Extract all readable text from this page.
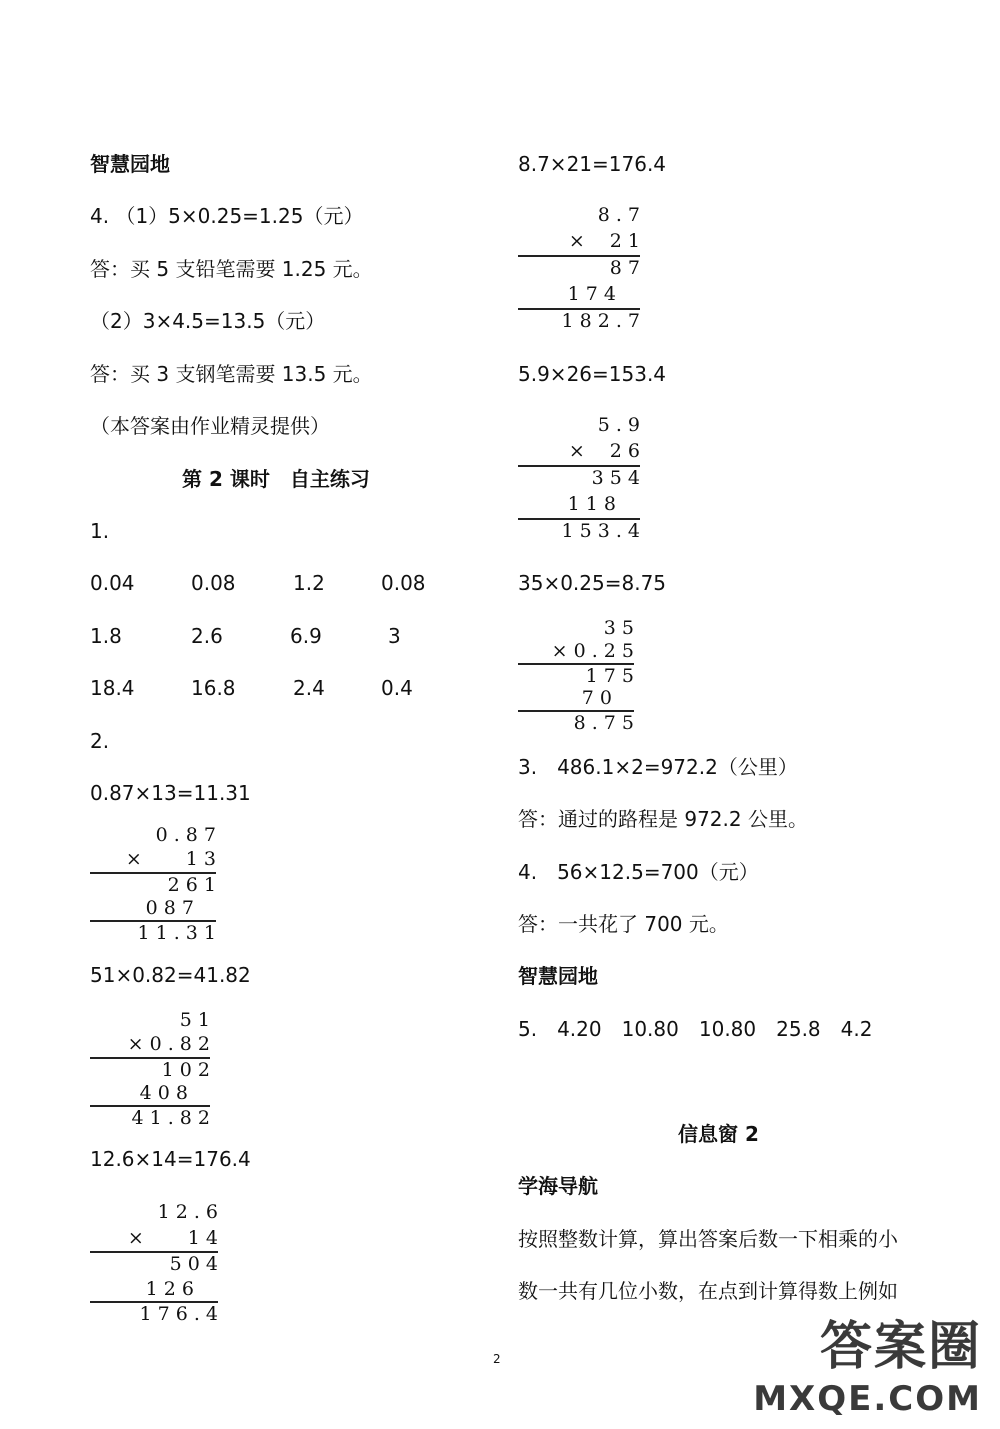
智慧园地
4. （1）5×0.25=1.25（元）
答：买 5 支铅笔需要 1.25 元。
（2）3×4.5=13.5（元）
答：买 3 支钢笔需要 13.5 元。
（本答案由作业精灵提供）
第 2 课时　自主练习
1.
0.04	0.08	1.2	0.08
1.8	2.6	6.9	3
18.4	16.8	2.4	0.4
2.
0.87×13=11.31
0 . 8 7
× 　　1 3
2 6 1
0 8 7
1 1 . 3 1
51×0.82=41.82
5 1
× 0 . 8 2
1 0 2
4 0 8
4 1 . 8 2
12.6×14=176.4
1 2 . 6
× 　　1 4
5 0 4
1 2 6
1 7 6 . 4
8.7×21=176.4
8 . 7
× 　2 1
8 7
1 7 4
1 8 2 . 7
5.9×26=153.4
5 . 9
× 　2 6
3 5 4
1 1 8
1 5 3 . 4
35×0.25=8.75
3 5
× 0 . 2 5
1 7 5
7 0
8 . 7 5
3.　486.1×2=972.2（公里）
答：通过的路程是 972.2 公里。
4.　56×12.5=700（元）
答：一共花了 700 元。
智慧园地
5.　4.20　10.80　10.80　25.8　4.2
信息窗 2
学海导航
按照整数计算，算出答案后数一下相乘的小
数一共有几位小数，在点到计算得数上例如
2	答案圈
MXQE.COM
